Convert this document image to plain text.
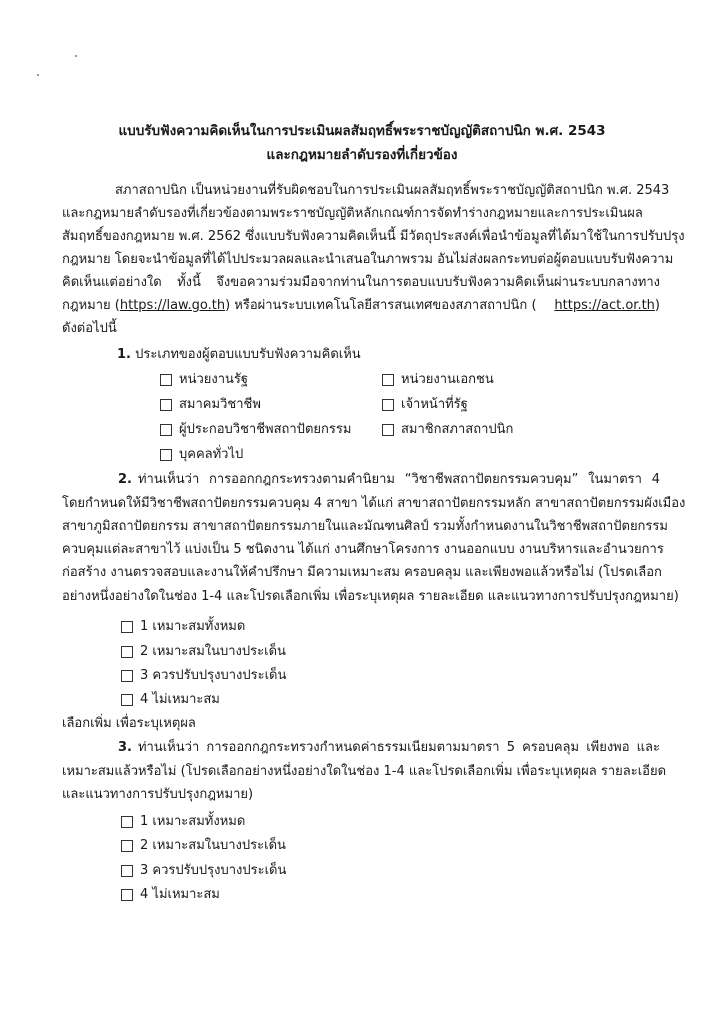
แบบรับฟังความคิดเห็นในการประเมินผลสัมฤทธิ์พระราชบัญญัติสถาปนิก พ.ศ. 2543
และกฎหมายลำดับรองที่เกี่ยวข้อง
สภาสถาปนิก เป็นหน่วยงานที่รับผิดชอบในการประเมินผลสัมฤทธิ์พระราชบัญญัติสถาปนิก พ.ศ. 2543
และกฎหมายลำดับรองที่เกี่ยวข้องตามพระราชบัญญัติหลักเกณฑ์การจัดทำร่างกฎหมายและการประเมินผล
สัมฤทธิ์ของกฎหมาย พ.ศ. 2562 ซึ่งแบบรับฟังความคิดเห็นนี้ มีวัตถุประสงค์เพื่อนำข้อมูลที่ได้มาใช้ในการปรับปรุง
กฎหมาย โดยจะนำข้อมูลที่ได้ไปประมวลผลและนำเสนอในภาพรวม อันไม่ส่งผลกระทบต่อผู้ตอบแบบรับฟังความ
คิดเห็นแต่อย่างใด ทั้งนี้ จึงขอความร่วมมือจากท่านในการตอบแบบรับฟังความคิดเห็นผ่านระบบกลางทาง
กฎหมาย (https://law.go.th) หรือผ่านระบบเทคโนโลยีสารสนเทศของสภาสถาปนิก ( https://act.or.th)
ดังต่อไปนี้
1. ประเภทของผู้ตอบแบบรับฟังความคิดเห็น
หน่วยงานรัฐ
สมาคมวิชาชีพ
ผู้ประกอบวิชาชีพสถาปัตยกรรม
บุคคลทั่วไป
หน่วยงานเอกชน
เจ้าหน้าที่รัฐ
สมาชิกสภาสถาปนิก
2. ท่านเห็นว่า การออกกฎกระทรวงตามคำนิยาม “วิชาชีพสถาปัตยกรรมควบคุม” ในมาตรา 4
โดยกำหนดให้มีวิชาชีพสถาปัตยกรรมควบคุม 4 สาขา ได้แก่ สาขาสถาปัตยกรรมหลัก สาขาสถาปัตยกรรมผังเมือง
สาขาภูมิสถาปัตยกรรม สาขาสถาปัตยกรรมภายในและมัณฑนศิลป์ รวมทั้งกำหนดงานในวิชาชีพสถาปัตยกรรม
ควบคุมแต่ละสาขาไว้ แบ่งเป็น 5 ชนิดงาน ได้แก่ งานศึกษาโครงการ งานออกแบบ งานบริหารและอำนวยการ
ก่อสร้าง งานตรวจสอบและงานให้คำปรึกษา มีความเหมาะสม ครอบคลุม และเพียงพอแล้วหรือไม่ (โปรดเลือก
อย่างหนึ่งอย่างใดในช่อง 1-4 และโปรดเลือกเพิ่ม เพื่อระบุเหตุผล รายละเอียด และแนวทางการปรับปรุงกฎหมาย)
1 เหมาะสมทั้งหมด
2 เหมาะสมในบางประเด็น
3 ควรปรับปรุงบางประเด็น
4 ไม่เหมาะสม
เลือกเพิ่ม เพื่อระบุเหตุผล
3. ท่านเห็นว่า การออกกฎกระทรวงกำหนดค่าธรรมเนียมตามมาตรา 5 ครอบคลุม เพียงพอ และ
เหมาะสมแล้วหรือไม่ (โปรดเลือกอย่างหนึ่งอย่างใดในช่อง 1-4 และโปรดเลือกเพิ่ม เพื่อระบุเหตุผล รายละเอียด
และแนวทางการปรับปรุงกฎหมาย)
1 เหมาะสมทั้งหมด
2 เหมาะสมในบางประเด็น
3 ควรปรับปรุงบางประเด็น
4 ไม่เหมาะสม
